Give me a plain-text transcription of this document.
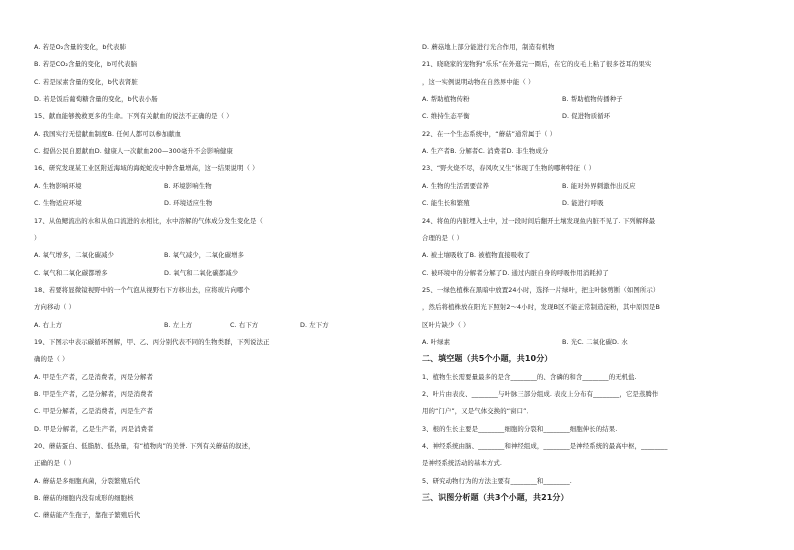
A. 若是O₂含量的变化，b代表肺
B. 若是CO₂含量的变化，b可代表脑
C. 若是尿素含量的变化，b代表肾脏
D. 若是饭后葡萄糖含量的变化，b代表小肠
15、献血能够挽救更多的生命。下列有关献血的说法不正确的是（ ）
A. 我国实行无偿献血制度B. 任何人都可以参加献血
C. 提倡公民自愿献血D. 健康人一次献血200—300毫升不会影响健康
16、研究发现某工业区附近海域的海蛇蛇皮中肿含量增高，这一结果说明（ ）
A. 生物影响环境	B. 环境影响生物
C. 生物适应环境	D. 环境适应生物
17、从鱼鳃流出的水和从鱼口流进的水相比，水中溶解的气体成分发生变化是（
）
A. 氧气增多，二氧化碳减少	B. 氧气减少，二氧化碳增多
C. 氧气和二氧化碳都增多	D. 氧气和二氧化碳都减少
18、若要将显微镜视野中的一个气泡从视野右下方移出去，应将玻片向哪个
方向移动（ ）
A. 右上方	B. 左上方	C. 右下方	D. 左下方
19、下图示中表示碳循环图解，甲、乙、丙分别代表不同的生物类群，下列说法正
确的是（ ）
A. 甲是生产者，乙是消费者，丙是分解者
B. 甲是生产者，乙是分解者，丙是消费者
C. 甲是分解者，乙是消费者，丙是生产者
D. 甲是分解者，乙是生产者，丙是消费者
20、蘑菇蛋白、低脂肪、低热量，有“植物肉”的美誉. 下列有关蘑菇的叙述，
正确的是（ ）
A. 蘑菇是多细胞真菌，分裂繁殖后代
B. 蘑菇的细胞内没有成形的细胞核
C. 蘑菇能产生孢子，靠孢子繁殖后代
D. 蘑菇地上部分能进行光合作用，制造有机物
21、晓晓家的宠物狗“乐乐”在外逛完一圈后，在它的皮毛上粘了很多苍耳的果实
，这一实例说明动物在自然界中能（ ）
A. 帮助植物传粉	B. 帮助植物传播种子
C. 维持生态平衡	D. 促进物质循环
22、在一个生态系统中，“蘑菇”通常属于（ ）
A. 生产者B. 分解者C. 消费者D. 非生物成分
23、“野火烧不尽，春风吹又生”体现了生物的哪种特征（ ）
A. 生物的生活需要营养	B. 能对外界刺激作出反应
C. 能生长和繁殖	D. 能进行呼吸
24、将鱼的内脏埋入土中，过一段时间后翻开土壤发现鱼内脏不见了. 下列解释最
合理的是（ ）
A. 被土壤吸收了B. 被植物直接吸收了
C. 被环境中的分解者分解了D. 通过内脏自身的呼吸作用消耗掉了
25、一绿色植株在黑暗中放置24小时，选择一片绿叶，把主叶脉剪断（如图所示）
，然后将植株放在阳光下照射2～4小时，发现B区不能正常制造淀粉，其中原因是B
区叶片缺少（ ）
A. 叶绿素	B. 光C. 二氧化碳D. 水
二、填空题（共5个小题，共10分）
1、植物生长需要量最多的是含________的、含磷的和含________的无机盐.
2、叶片由表皮、________与叶脉三部分组成. 表皮上分布有________，它是蒸腾作
用的“门户”，又是气体交换的“窗口”．
3、根的生长主要是________细胞的分裂和________细胞伸长的结果.
4、神经系统由脑、________和神经组成，________是神经系统的最高中枢，________
是神经系统活动的基本方式.
5、研究动物行为的方法主要有________和________.
三、识图分析题（共3个小题，共21分）
